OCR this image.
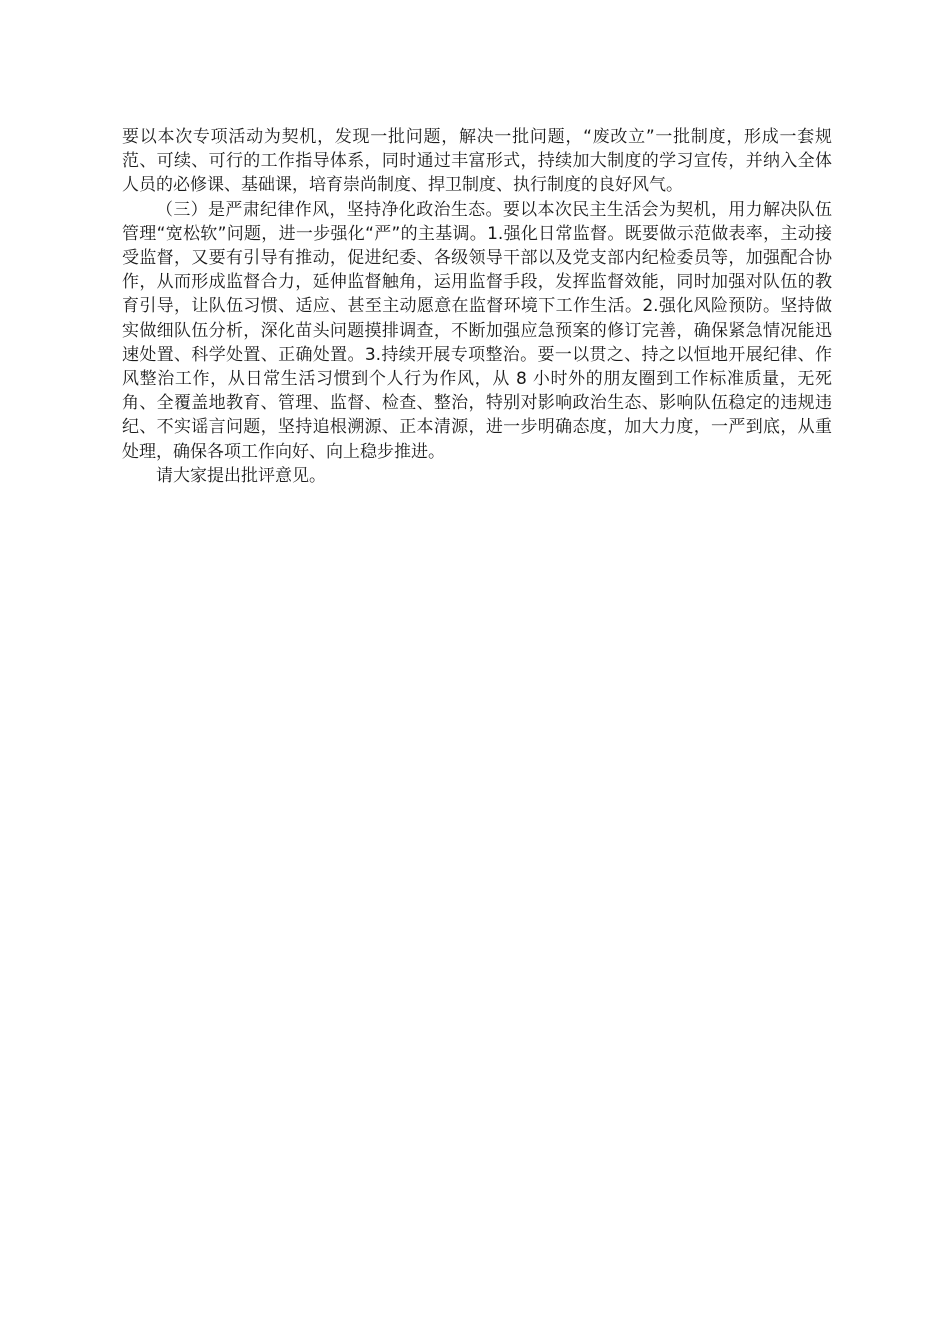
要以本次专项活动为契机，发现一批问题，解决一批问题，“废改立”一批制度，形成一套规范、可续、可行的工作指导体系，同时通过丰富形式，持续加大制度的学习宣传，并纳入全体人员的必修课、基础课，培育崇尚制度、捍卫制度、执行制度的良好风气。

（三）是严肃纪律作风，坚持净化政治生态。要以本次民主生活会为契机，用力解决队伍管理“宽松软”问题，进一步强化“严”的主基调。1.强化日常监督。既要做示范做表率，主动接受监督，又要有引导有推动，促进纪委、各级领导干部以及党支部内纪检委员等，加强配合协作，从而形成监督合力，延伸监督触角，运用监督手段，发挥监督效能，同时加强对队伍的教育引导，让队伍习惯、适应、甚至主动愿意在监督环境下工作生活。2.强化风险预防。坚持做实做细队伍分析，深化苗头问题摸排调查，不断加强应急预案的修订完善，确保紧急情况能迅速处置、科学处置、正确处置。3.持续开展专项整治。要一以贯之、持之以恒地开展纪律、作风整治工作，从日常生活习惯到个人行为作风，从 8 小时外的朋友圈到工作标准质量，无死角、全覆盖地教育、管理、监督、检查、整治，特别对影响政治生态、影响队伍稳定的违规违纪、不实谣言问题，坚持追根溯源、正本清源，进一步明确态度，加大力度，一严到底，从重处理，确保各项工作向好、向上稳步推进。

请大家提出批评意见。
